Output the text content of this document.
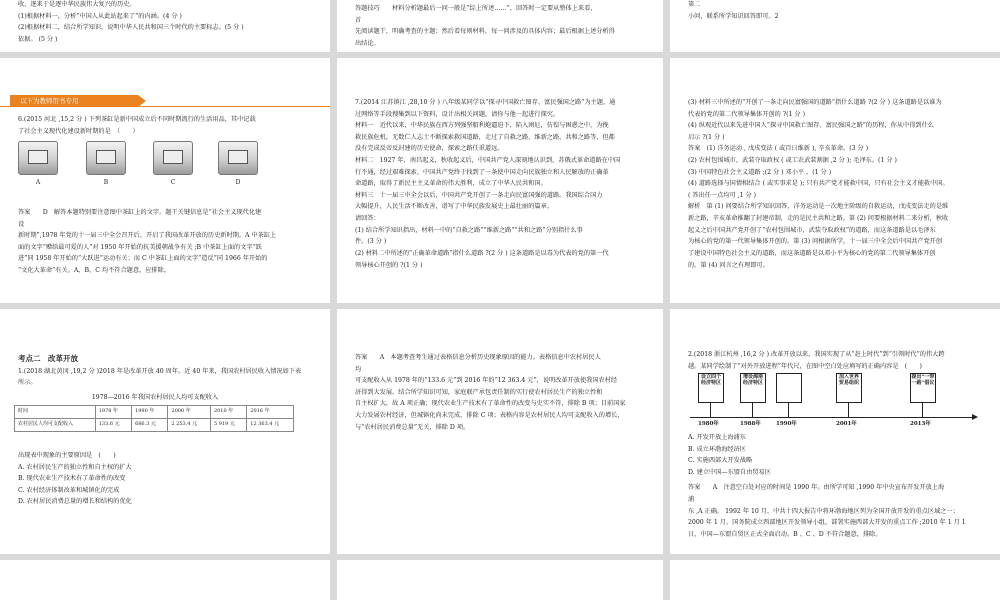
收，逐来于是逐中华民族伟大复兴的历史。

(1)根据材料一，分析“中国人从此站起来了”的内涵。(4 分 )

(2)根据材料二，结合所学知识，说明中华人民共和国三个时代的主要标志。(5 分 )

依据。 (5 分 )

答题技巧　　材料分析题最后一问一般是“综上所述……”，回答时一定要从整体上来看，

首

先阅读题干，明确考查的主题；然后看每则材料，每一问涉及的具体内容；最后根据上述分析得

出结论。

第二

小问，联系所学知识回答即可。2

以下为教师用书专用

6.(2015 河北 ,15,2 分 ) 下列茶缸是新中国成立后不同时期流行的生活用品，其中记载

了社会主义现代化建设新时期的是　（　　）

A	B	C	D

答案　　D　解答本题特别要注意图中茶缸上的文字。题干关键信息是“社会主义现代化建

设

新时期”,1978 年党的十一届三中全会召开后，开启了我国改革开放的历史新时期。A 中茶缸上

面的文字“赠给最可爱的人”对 1950 年开始的抗美援朝战争有关 ;B 中茶缸上面的文字“跃

进”同 1958 年开始的“大跃进”运动有关；而 C 中茶缸上面的文字“造反”同 1966 年开始的

“文化大革命”有关。A、B、C 均不符合题意，应排除。

7.(2014 江苏镇江 ,28,10 分 ) 八年级某同学以“探寻中国救亡图存、富民强国之路”为主题，通

过网络等手段搜集到以下资料，设计出相关问题，请你与他一起进行探究。

材料一　近代以来，中华民族在西方列强坚船利炮逼迫下，陷入困厄，仿徨与困惑之中。为挽

救民族危机，无数仁人志士不断探索救国道路，走过了自救之路、维新之路、共和之路等，但都

没有完成反帝反封建的历史使命，探索之路任重道远。

材料二　1927 年，南昌起义，秋收起义后，中国共产党人深刻地认识到，苏俄式革命道路在中国

行不通，经过艰难探索，中国共产党终于找到了一条使中国走向民族独立和人民解放的正确革

命道路，取得了新民主主义革命的伟大胜利，成立了中华人民共和国。

材料三　十一届三中全会以后，中国共产党开创了一条走向民富国强的道路。我国综合国力

大幅提升，人民生活不断改善，谱写了中华民族发展史上最壮丽的篇章。

请回答：

(1) 结合所学知识指出，材料一中的“自救之路”“维新之路”“共和之路”分别指什么事

件。(3 分 )

(2) 材料二中所述的“正确革命道路”指什么道路 ?(2 分 ) 这条道路是以毒为代表的党的第一代

领导核心开创的 ?(1 分 )

(3) 材料三中所述的“开创了一条走向民富强国的道路”指什么道路 ?(2 分 ) 这条道路是以谁为

代表的党的第二代领导集体开创的 ?(1 分 )

(4) 纵观近代以来先进中国人“探寻中国救亡图存、富民强国之路”的历程，你从中得到什么

启示 ?(1 分 )

答案　(1) 洋务运动 , 戊戌变法 ( 或百日维新 ), 辛亥革命。(3 分 )

(2) 农村包围城市，武装夺取政权 ( 或工农武装割据 ,2 分 ); 毛泽东。(1 分 )

(3) 中国特色社会主义道路 ;(2 分 ) 邓小平 。(1 分 )

(4) 道路选择与国情相结合 ( 或实事求是 ); 只有共产党才能救中国，只有社会主义才能救中国。

( 答出任一点均可 ,1 分 )

解析　第 (1) 问要结合所学知识回答，洋务运动是一次地主阶级的自救运动，戊戌变法走的是维

新之路，辛亥革命推翻了封建帝制，走的是民主共和之路。第 (2) 问要根据材料二来分析，秋收

起义之后中国共产党开创了“农村包围城市，武装夺取政权”的道路，而这条道路是以毛泽东

为核心的党的第一代领导集体开创的。第 (3) 问根据所学，十一届三中全会后中国共产党开创

了建设中国特色社会主义的道路，而这条道路是以邓小平为核心的党的第二代领导集体开创

的。第 (4) 问言之有理即可。

考点二　改革开放

1.(2018 湖北黄冈 ,19,2 分 )2018 年是改革开放 40 周年。近 40 年来，我国农村居民收入情况如下表

所示。

1978—2016 年我国农村居民人均可支配收入

时间	1978 年	1990 年	2000 年	2010 年	2016 年
农村居民人均可支配收入	133.6 元	686.3 元	2 253.4 元	5 919 元	12 363.4 元

出现表中现象的主要原因是　(　　)

A. 农村居民生产的独立性和自主权的扩大

B. 现代农业生产技术有了革命性的改变

C. 农村经济体制改革和城镇化的完成

D. 农村居民消费总量的增长和结构的优化

答案　　A　本题考查考生通过表格信息分析历史现象原因的能力。表格信息中农村居民人

均

可支配收入从 1978 年的“133.6 元”到 2016 年的“12 363.4 元”，说明改革开放使我国农村经

济得到大发展。结合所学知识可知，家庭联产承包责任制的实行使农村居民生产的独立性和

自主权扩大，故 A 项正确；现代农业生产技术有了革命性的改变与史实不符，排除 B 项；目前国家

大力发展农村经济，但城镇化尚未完成，排除 C 项；表格内容是农村居民人均可支配收入的增长，

与“农村居民消费总量”无关，排除 D 项。

2.(2018 浙江杭州 ,16,2 分 ) 改革开放以来，我国实现了从“赶上时代”到“引领时代”的伟大跨

越。某同学绘制了“对外开放进程”年代尺，在图中空白处应填写的正确内容是　(　　)

设立四个经济特区
增设海南经济特区
加入世界贸易组织
提出“一带一路”倡议
1980年	1988年	1990年	2001年	2013年

A. 开发开放上海浦东

B. 成立环渤海经济区

C. 实施西部大开发战略

D. 建立中国—东盟自由贸易区

答案　　A　注意空白处对应的时间是 1990 年。由所学可知 ,1990 年中央宣布开发开放上海

浦

东 ,A 正确。 1992 年 10 月，中共十四大报告中将环渤海地区列为全国开放开发的重点区域之一；

2000 年 1 月，国务院成立西部地区开发领导小组，部署实施西部大开发的重点工作 ;2010 年 1 月 1

日，中国—东盟自贸区正式全面启动。B 、C 、D 不符合题意，排除。
